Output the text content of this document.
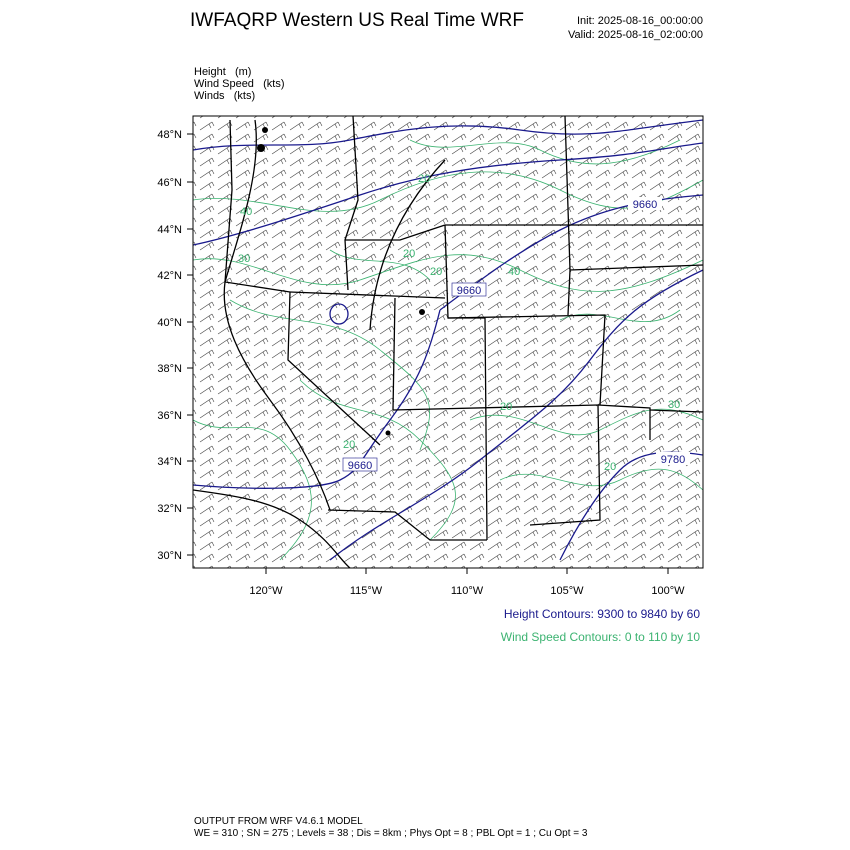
IWFAQRP Western US Real Time WRF	Init: 2025-08-16_00:00:00
Valid: 2025-08-16_02:00:00
Height (m)
Wind Speed (kts)
Winds (kts)
48°N
46°N
44°N
42°N
40°N
38°N
36°N
34°N
32°N
30°N
120°W	115°W	110°W	105°W	100°W
9660
9660
9660
9780
30	20
20	40
40
20
20
20
30
20
Height Contours: 9300 to 9840 by 60
Wind Speed Contours: 0 to 110 by 10
OUTPUT FROM WRF V4.6.1 MODEL
WE = 310 ; SN = 275 ; Levels = 38 ; Dis = 8km ; Phys Opt = 8 ; PBL Opt = 1 ; Cu Opt = 3
